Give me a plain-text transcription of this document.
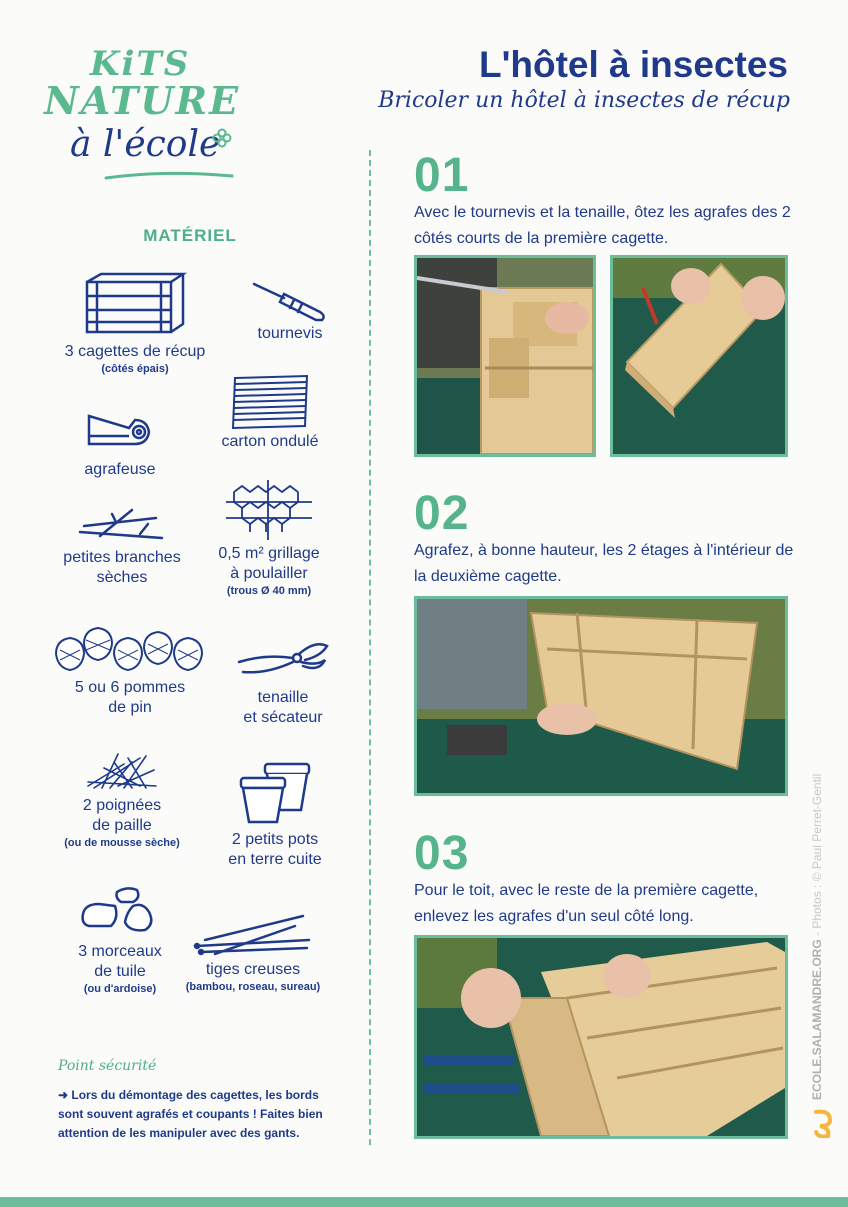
KiTS
NATURE
à l'école
L'hôtel à insectes
Bricoler un hôtel à insectes de récup
MATÉRIEL
3 cagettes de récup
(côtés épais)
tournevis
agrafeuse
carton ondulé
petites branches
sèches
0,5 m² grillage
à poulailler
(trous Ø 40 mm)
5 ou 6 pommes
de pin
tenaille
et sécateur
2 poignées
de paille
(ou de mousse sèche)	2 petits pots
en terre cuite
3 morceaux
de tuile
(ou d'ardoise)
tiges creuses
(bambou, roseau, sureau)
Point sécurité
➜ Lors du démontage des cagettes, les bords sont souvent agrafés et coupants ! Faites bien attention de les manipuler avec des gants.
01
Avec le tournevis et la tenaille, ôtez les agrafes des 2 côtés courts de la première cagette.
02
Agrafez, à bonne hauteur, les 2 étages à l'intérieur de la deuxième cagette.
03
Pour le toit, avec le reste de la première cagette, enlevez les agrafes d'un seul côté long.
ECOLE.SALAMANDRE.ORG - Photos : © Paul Perret-Gentil
